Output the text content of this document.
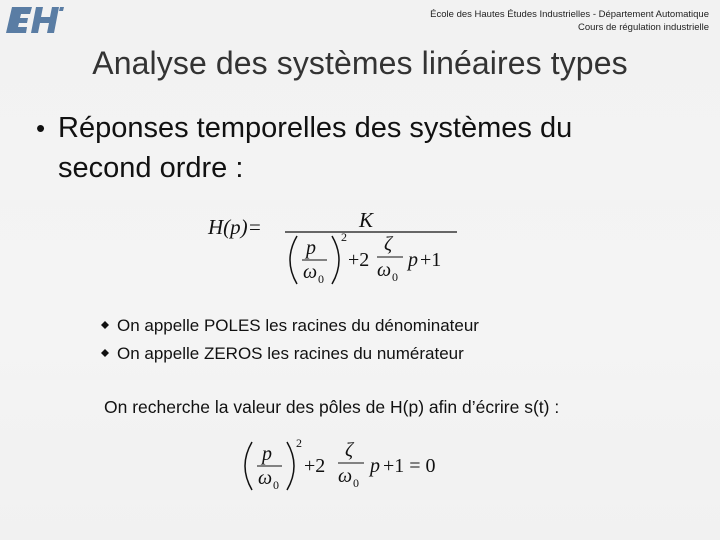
École des Hautes Études Industrielles - Département Automatique
Cours de régulation industrielle
Analyse des systèmes linéaires types
• Réponses temporelles des systèmes du
second ordre :
H(p)=	K
p
ω 0
2
+2
ζ
ω 0
p +1
On appelle POLES les racines du dénominateur
On appelle ZEROS les racines du numérateur
On recherche la valeur des pôles de H(p) afin d’écrire s(t) :
p
ω 0
2
+2
ζ
ω 0
p +1 = 0
